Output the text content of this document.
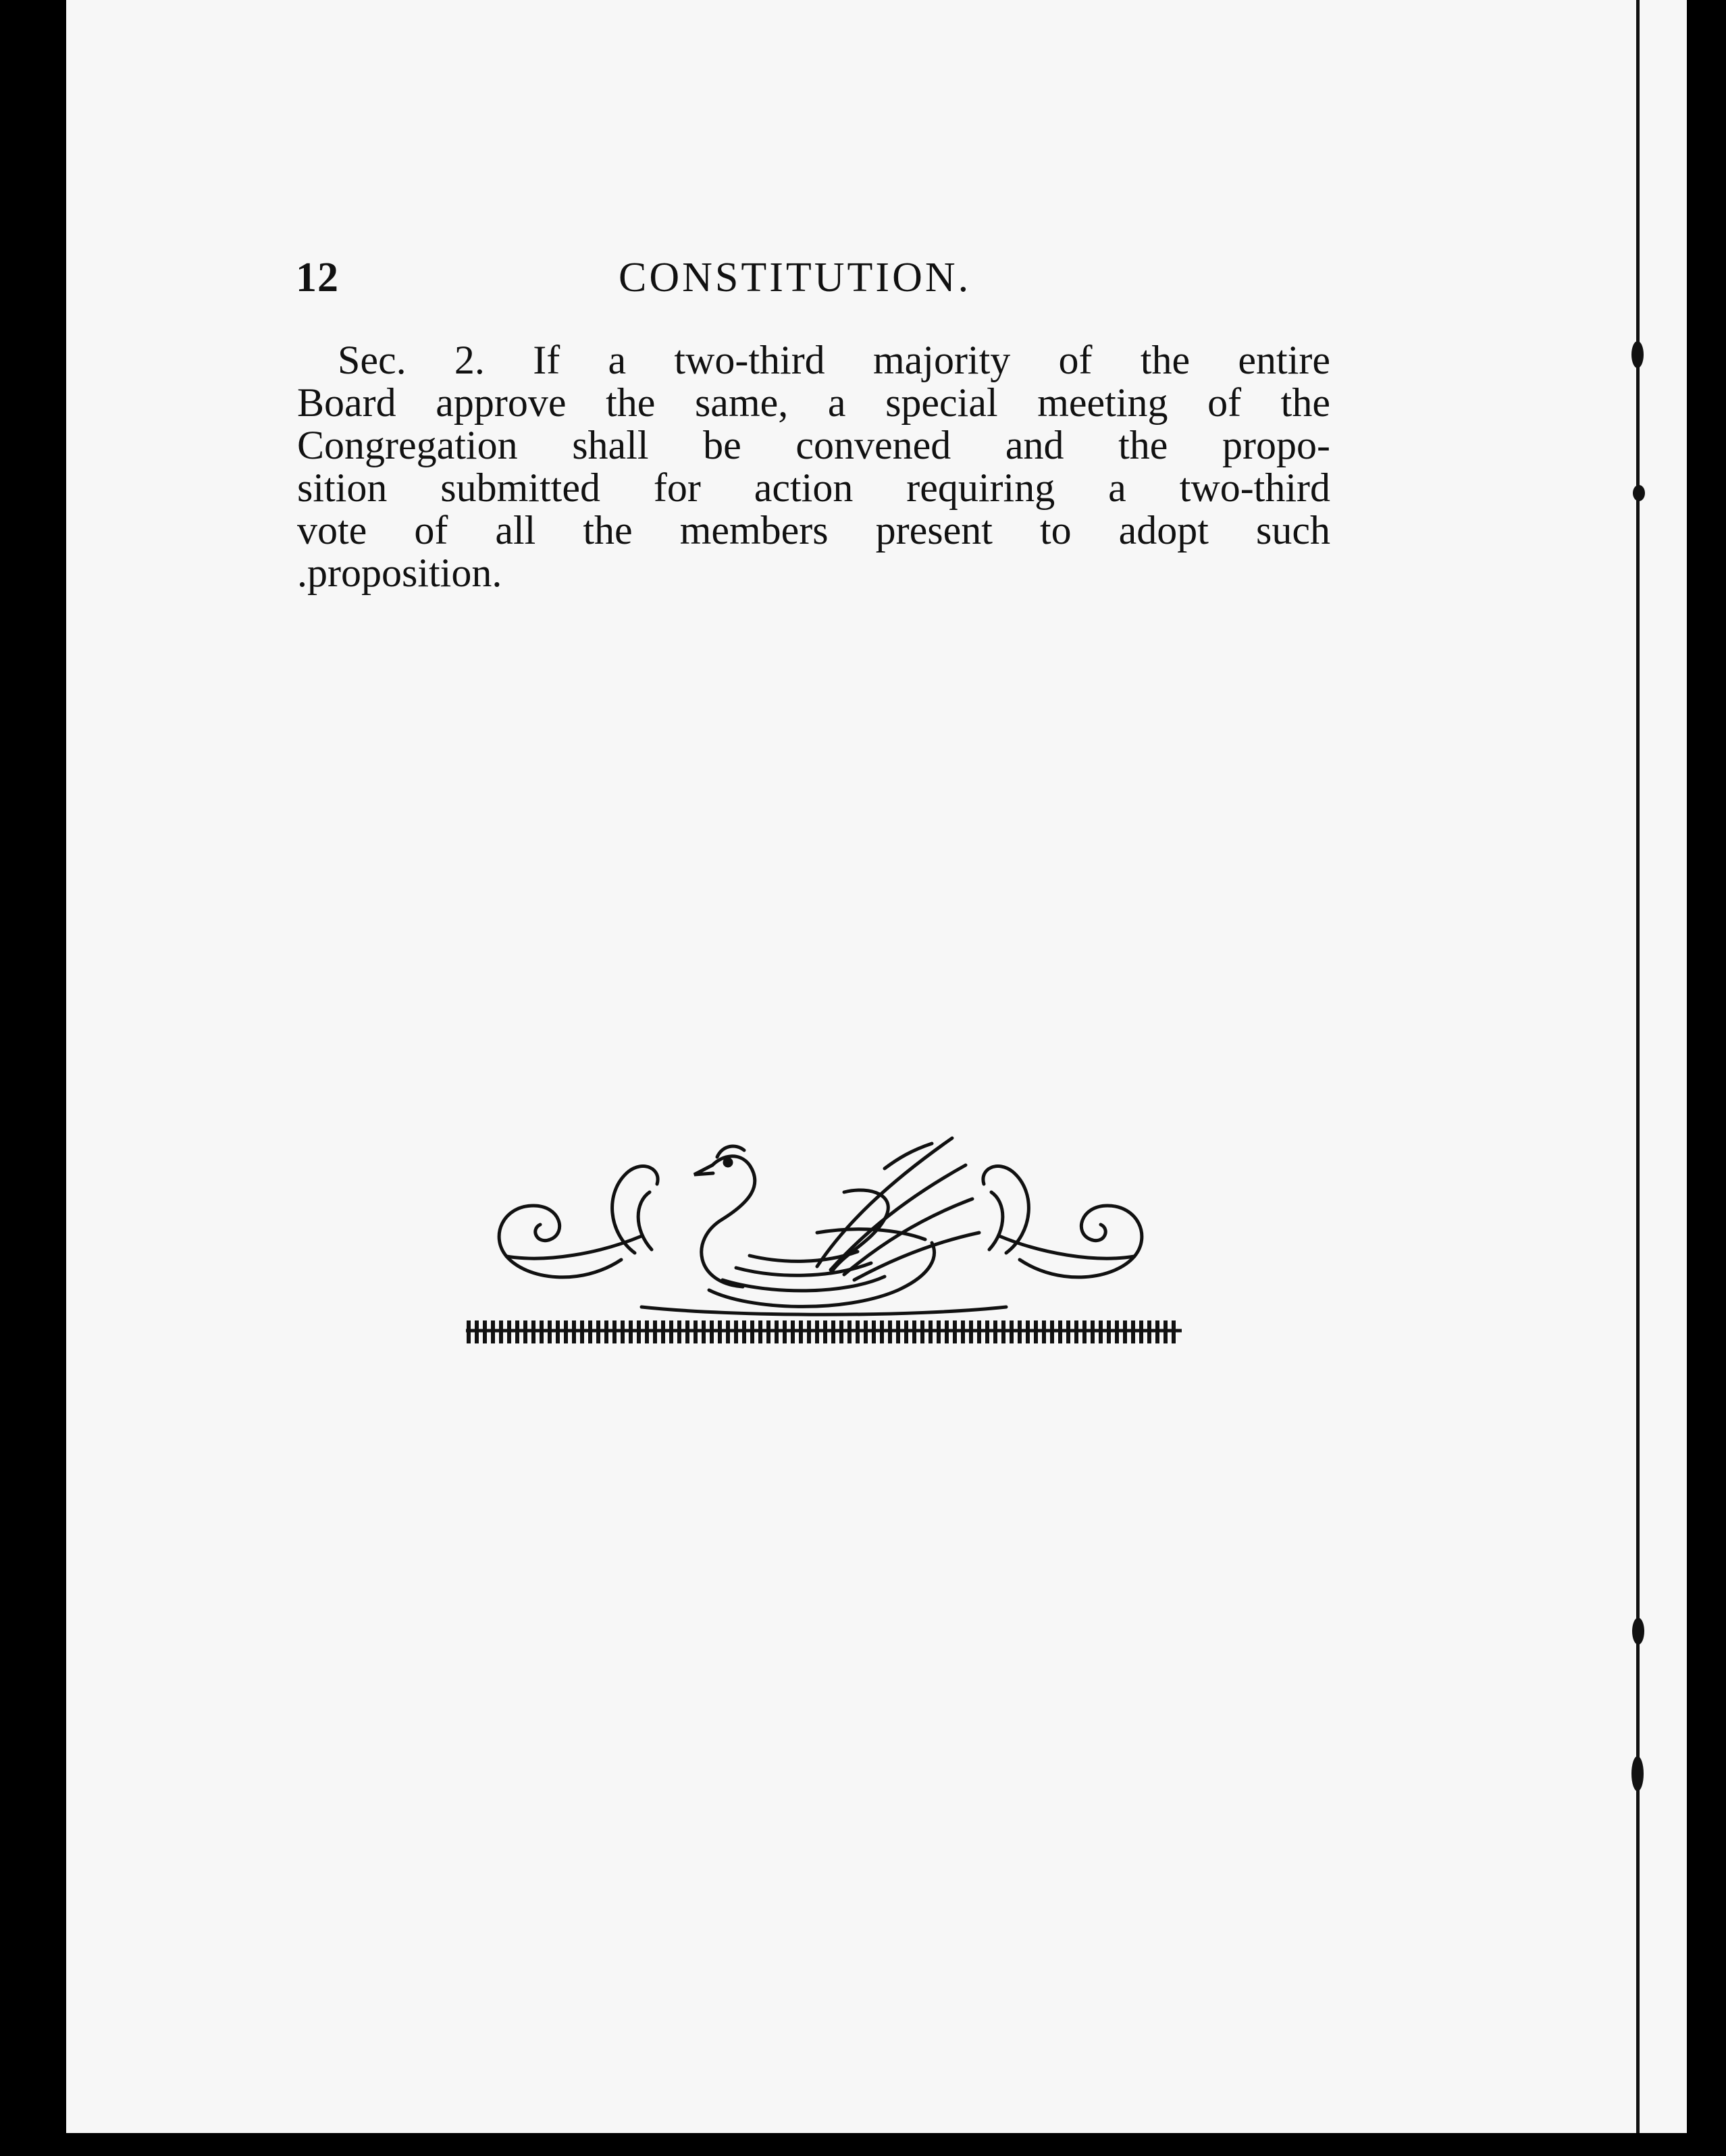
12	CONSTITUTION.
Sec. 2. If a two-third majority of the entire
Board approve the same, a special meeting of the
Congregation shall be convened and the propo-
sition submitted for action requiring a two-third
vote of all the members present to adopt such
.proposition.
